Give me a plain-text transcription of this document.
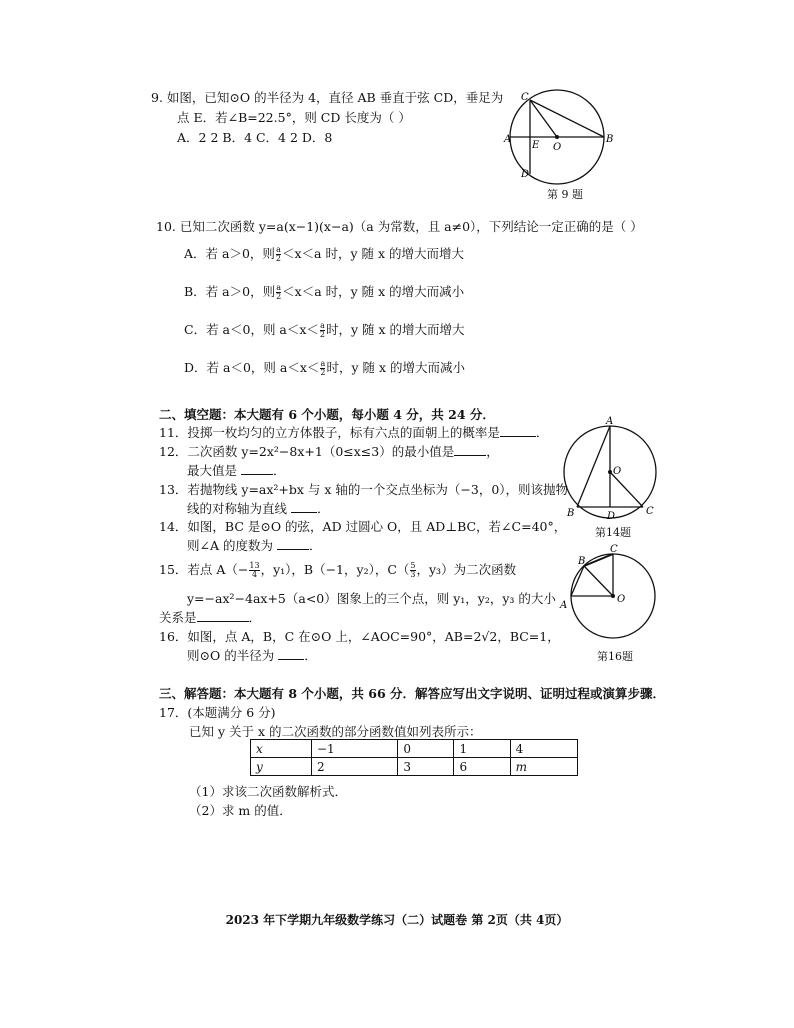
9. 如图，已知⊙O 的半径为 4，直径 AB 垂直于弦 CD，垂足为
点 E．若∠B=22.5°，则 CD 长度为（ ）
A．2 2 B．4 C．4 2 D．8
C
A
E O
B
D
第 9 题
10. 已知二次函数 y=a(x−1)(x−a)（a 为常数，且 a≠0），下列结论一定正确的是（ ）
A．若 a＞0，则 $\frac{a}{2} <x<a$ 时，y 随 x 的增大而增大
B．若 a＞0，则 $\frac{a}{2} <x<a$ 时，y 随 x 的增大而减小
C．若 a＜0，则 $a<x< \frac{a}{2}$ 时，y 随 x 的增大而增大
D．若 a＜0，则 $a<x< \frac{a}{2}$ 时，y 随 x 的增大而减小
二、填空题：本大题有 6 个小题，每小题 4 分，共 24 分．
11．投掷一枚均匀的立方体骰子，标有六点的面朝上的概率是	．
12．二次函数 y=2x²−8x+1（0≤x≤3）的最小值是	，
最大值是	．
13．若抛物线 y=ax²+bx 与 x 轴的一个交点坐标为（−3，0），则该抛物
线的对称轴为直线 ．
14．如图，BC 是⊙O 的弦，AD 过圆心 O，且 AD⊥BC，若∠C=40°，
则∠A 的度数为	．
15．若点 $A(- \frac{13}{4}$ ，y₁），B（−1，y₂），$C( \frac{5}{3}$ ，y₃）为二次函数
y=−ax²−4ax+5（a<0）图象上的三个点，则 y₁，y₂，y₃ 的大小
关系是	．
16．如图，点 A，B，C 在⊙O 上，∠AOC=90°，AB=2√2，BC=1，
则⊙O 的半径为 ．
A
O
B	D	C
第14题
C
B
A
O
第16题
三、解答题：本大题有 8 个小题，共 66 分．解答应写出文字说明、证明过程或演算步骤．
17．(本题满分 6 分)
已知 y 关于 x 的二次函数的部分函数值如列表所示：
x	−1	0	1	4
y	2	3	6	m
（1）求该二次函数解析式．
（2）求 m 的值．
2023 年下学期九年级数学练习（二）试题卷 第 2页（共 4页）
